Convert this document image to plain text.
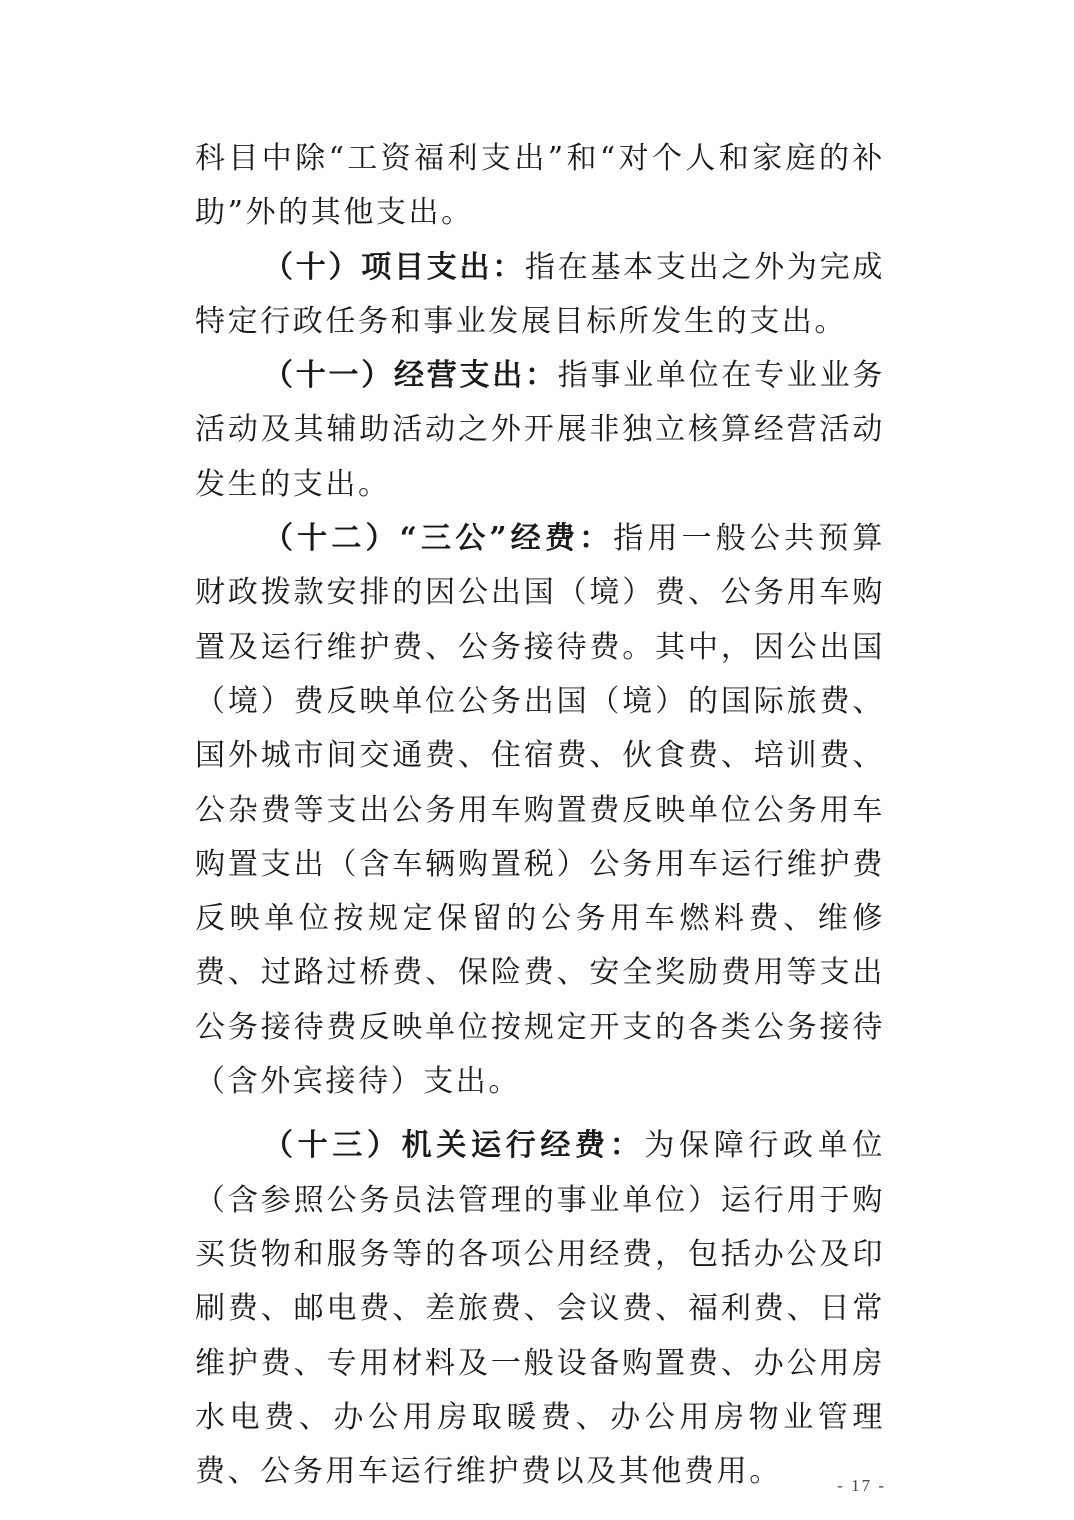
科目中除“工资福利支出”和“对个人和家庭的补助”外的其他支出。

（十）项目支出：指在基本支出之外为完成特定行政任务和事业发展目标所发生的支出。

（十一）经营支出：指事业单位在专业业务活动及其辅助活动之外开展非独立核算经营活动发生的支出。

（十二）“三公”经费：指用一般公共预算财政拨款安排的因公出国（境）费、公务用车购置及运行维护费、公务接待费。其中，因公出国（境）费反映单位公务出国（境）的国际旅费、国外城市间交通费、住宿费、伙食费、培训费、公杂费等支出公务用车购置费反映单位公务用车购置支出（含车辆购置税）公务用车运行维护费反映单位按规定保留的公务用车燃料费、维修费、过路过桥费、保险费、安全奖励费用等支出公务接待费反映单位按规定开支的各类公务接待（含外宾接待）支出。

（十三）机关运行经费：为保障行政单位（含参照公务员法管理的事业单位）运行用于购买货物和服务等的各项公用经费，包括办公及印刷费、邮电费、差旅费、会议费、福利费、日常维护费、专用材料及一般设备购置费、办公用房水电费、办公用房取暖费、办公用房物业管理费、公务用车运行维护费以及其他费用。	- 17 -
